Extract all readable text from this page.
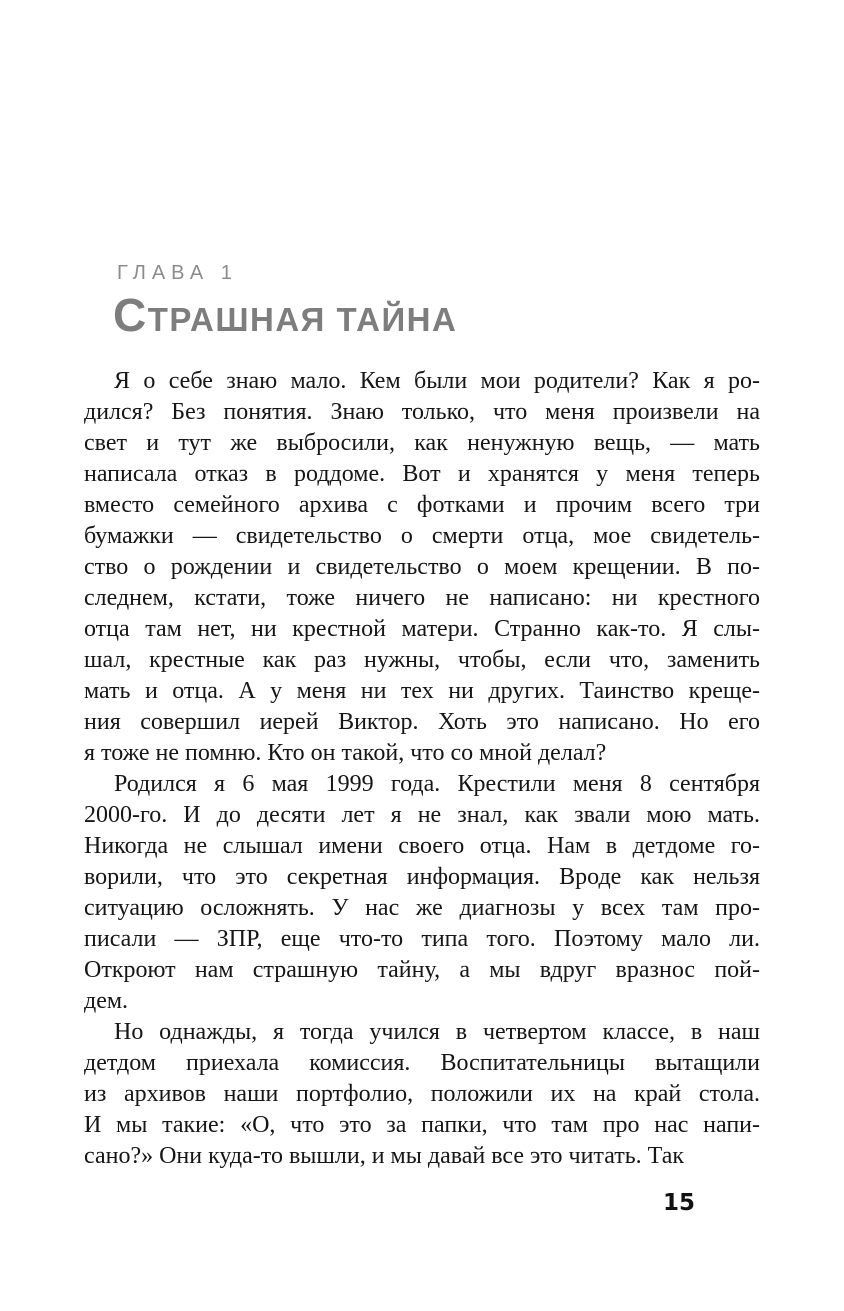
ГЛАВА 1
СТРАШНАЯ ТАЙНА
Я о себе знаю мало. Кем были мои родители? Как я ро-
дился? Без понятия. Знаю только, что меня произвели на
свет и тут же выбросили, как ненужную вещь, — мать
написала отказ в роддоме. Вот и хранятся у меня теперь
вместо семейного архива с фотками и прочим всего три
бумажки — свидетельство о смерти отца, мое свидетель-
ство о рождении и свидетельство о моем крещении. В по-
следнем, кстати, тоже ничего не написано: ни крестного
отца там нет, ни крестной матери. Странно как-то. Я слы-
шал, крестные как раз нужны, чтобы, если что, заменить
мать и отца. А у меня ни тех ни других. Таинство креще-
ния совершил иерей Виктор. Хоть это написано. Но его
я тоже не помню. Кто он такой, что со мной делал?
Родился я 6 мая 1999 года. Крестили меня 8 сентября
2000-го. И до десяти лет я не знал, как звали мою мать.
Никогда не слышал имени своего отца. Нам в детдоме го-
ворили, что это секретная информация. Вроде как нельзя
ситуацию осложнять. У нас же диагнозы у всех там про-
писали — ЗПР, еще что-то типа того. Поэтому мало ли.
Откроют нам страшную тайну, а мы вдруг вразнос пой-
дем.
Но однажды, я тогда учился в четвертом классе, в наш
детдом приехала комиссия. Воспитательницы вытащили
из архивов наши портфолио, положили их на край стола.
И мы такие: «О, что это за папки, что там про нас напи-
сано?» Они куда-то вышли, и мы давай все это читать. Так
15
